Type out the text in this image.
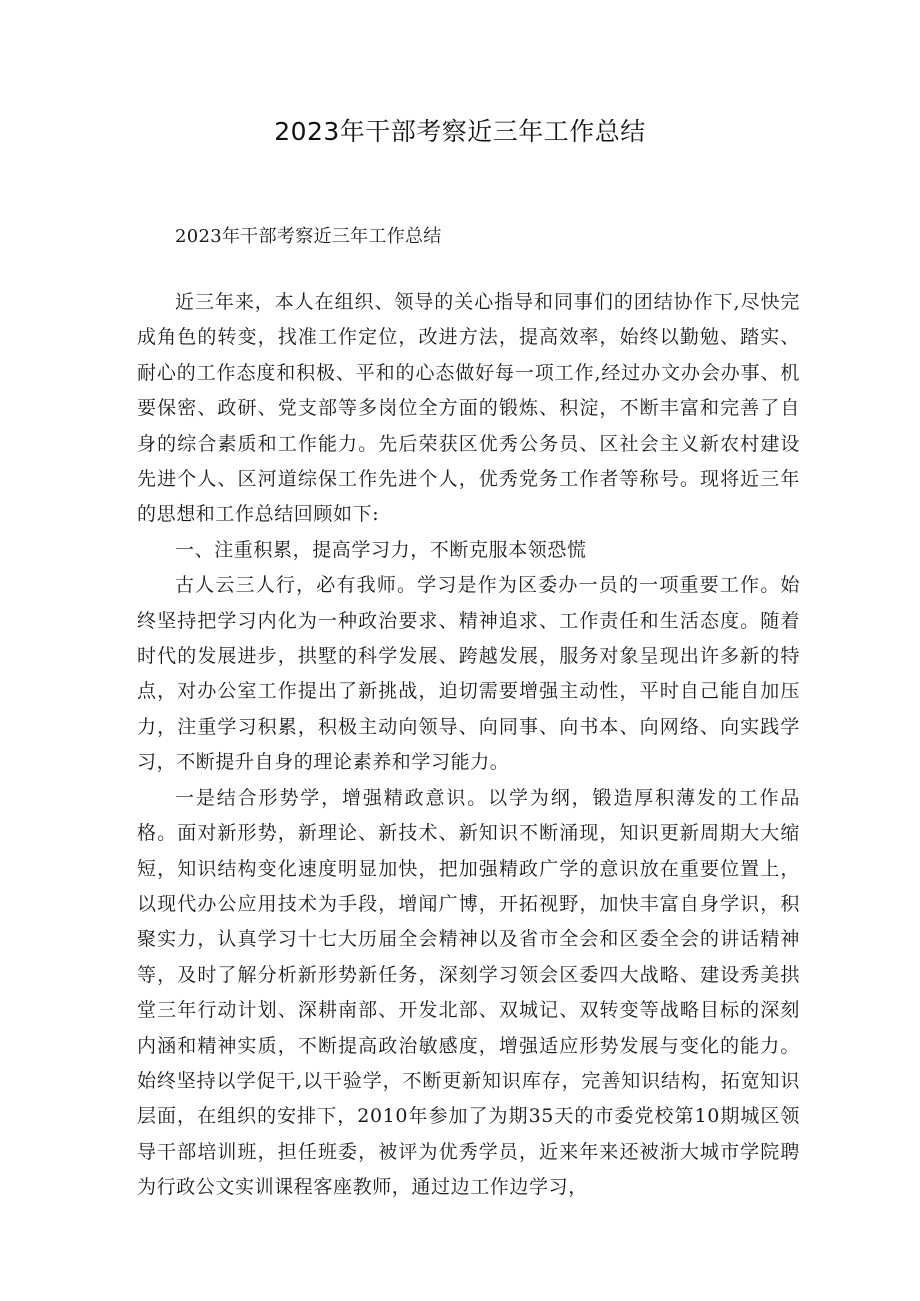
2023年干部考察近三年工作总结

2023年干部考察近三年工作总结

近三年来，本人在组织、领导的关心指导和同事们的团结协作下,尽快完成角色的转变，找准工作定位，改进方法，提高效率，始终以勤勉、踏实、耐心的工作态度和积极、平和的心态做好每一项工作,经过办文办会办事、机要保密、政研、党支部等多岗位全方面的锻炼、积淀，不断丰富和完善了自身的综合素质和工作能力。先后荣获区优秀公务员、区社会主义新农村建设先进个人、区河道综保工作先进个人，优秀党务工作者等称号。现将近三年的思想和工作总结回顾如下:

一、注重积累，提高学习力，不断克服本领恐慌

古人云三人行，必有我师。学习是作为区委办一员的一项重要工作。始终坚持把学习内化为一种政治要求、精神追求、工作责任和生活态度。随着时代的发展进步，拱墅的科学发展、跨越发展，服务对象呈现出许多新的特点，对办公室工作提出了新挑战，迫切需要增强主动性，平时自己能自加压力，注重学习积累，积极主动向领导、向同事、向书本、向网络、向实践学习，不断提升自身的理论素养和学习能力。

一是结合形势学，增强精政意识。以学为纲，锻造厚积薄发的工作品格。面对新形势，新理论、新技术、新知识不断涌现，知识更新周期大大缩短，知识结构变化速度明显加快，把加强精政广学的意识放在重要位置上，以现代办公应用技术为手段，增闻广博，开拓视野，加快丰富自身学识，积聚实力，认真学习十七大历届全会精神以及省市全会和区委全会的讲话精神等，及时了解分析新形势新任务，深刻学习领会区委四大战略、建设秀美拱堂三年行动计划、深耕南部、开发北部、双城记、双转变等战略目标的深刻内涵和精神实质，不断提高政治敏感度，增强适应形势发展与变化的能力。始终坚持以学促干,以干验学，不断更新知识库存，完善知识结构，拓宽知识层面，在组织的安排下，2010年参加了为期35天的市委党校第10期城区领导干部培训班，担任班委，被评为优秀学员，近来年来还被浙大城市学院聘为行政公文实训课程客座教师，通过边工作边学习，
